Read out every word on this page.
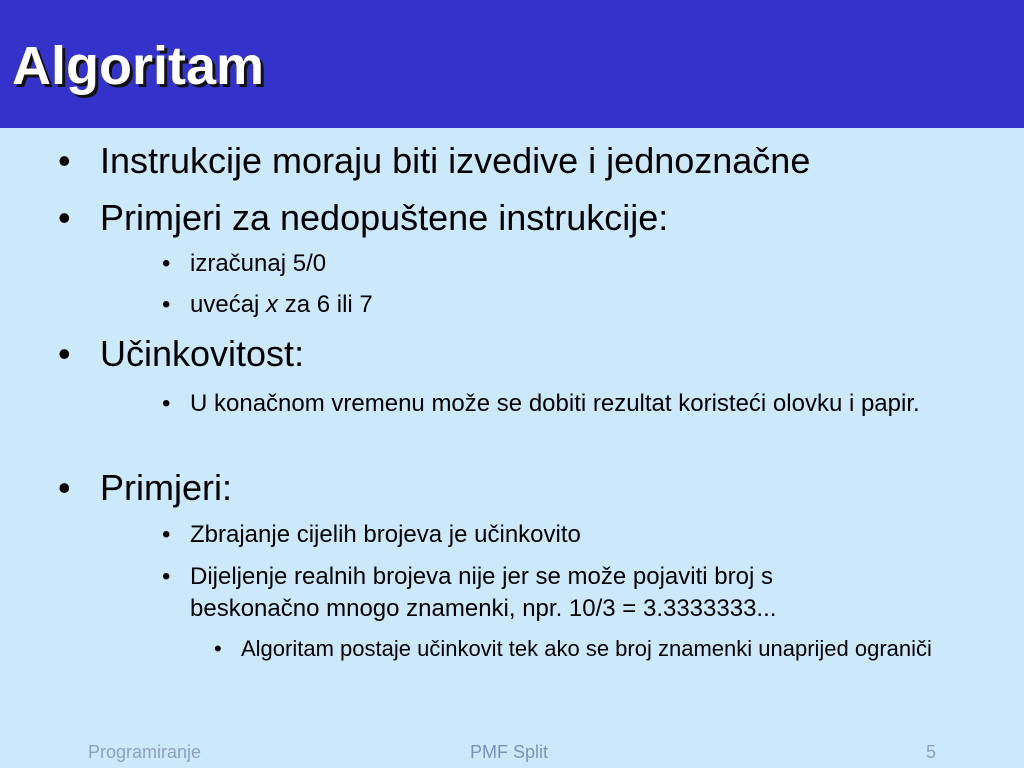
Algoritam
• Instrukcije moraju biti izvedive i jednoznačne
• Primjeri za nedopuštene instrukcije:
• izračunaj 5/0
• uvećaj x za 6 ili 7
• Učinkovitost:
• U konačnom vremenu može se dobiti rezultat koristeći olovku i papir.
• Primjeri:
• Zbrajanje cijelih brojeva je učinkovito
• Dijeljenje realnih brojeva nije jer se može pojaviti broj s beskonačno mnogo znamenki, npr. 10/3 = 3.3333333...
• Algoritam postaje učinkovit tek ako se broj znamenki unaprijed ograniči
Programiranje	PMF Split	5
